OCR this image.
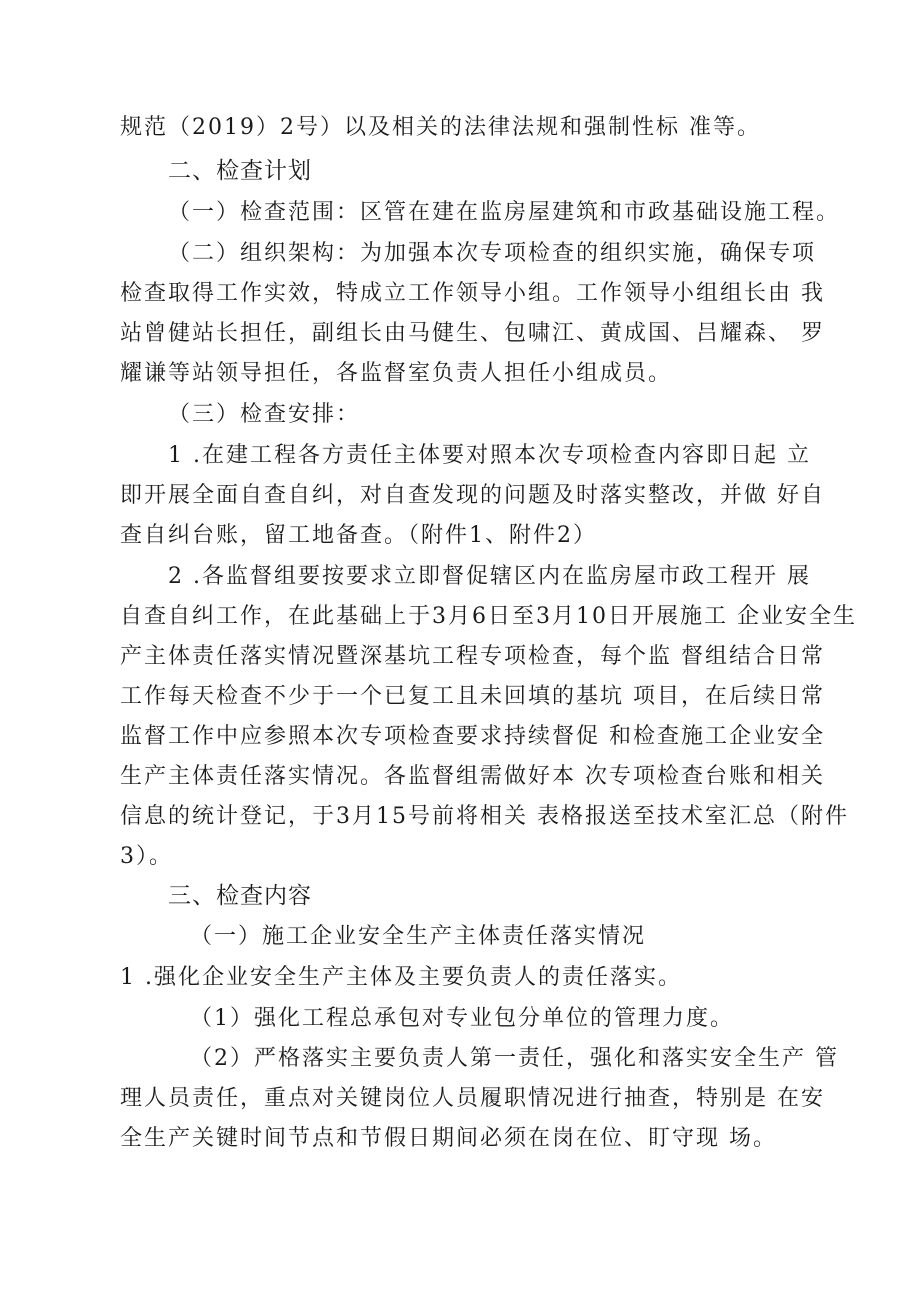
规范（2019）2号）以及相关的法律法规和强制性标 准等。
二、检查计划
（一）检查范围：区管在建在监房屋建筑和市政基础设施工程。
（二）组织架构：为加强本次专项检查的组织实施，确保专项
检查取得工作实效，特成立工作领导小组。工作领导小组组长由 我
站曾健站长担任，副组长由马健生、包啸江、黄成国、吕耀森、 罗
耀谦等站领导担任，各监督室负责人担任小组成员。
（三）检查安排：
1 .在建工程各方责任主体要对照本次专项检查内容即日起 立
即开展全面自查自纠，对自查发现的问题及时落实整改，并做 好自
查自纠台账，留工地备查。（附件1、附件2）
2 .各监督组要按要求立即督促辖区内在监房屋市政工程开 展
自查自纠工作，在此基础上于3月6日至3月10日开展施工 企业安全生
产主体责任落实情况暨深基坑工程专项检查，每个监 督组结合日常
工作每天检查不少于一个已复工且未回填的基坑 项目，在后续日常
监督工作中应参照本次专项检查要求持续督促 和检查施工企业安全
生产主体责任落实情况。各监督组需做好本 次专项检查台账和相关
信息的统计登记，于3月15号前将相关 表格报送至技术室汇总（附件
3）。
三、检查内容
（一）施工企业安全生产主体责任落实情况
1 .强化企业安全生产主体及主要负责人的责任落实。
（1）强化工程总承包对专业包分单位的管理力度。
（2）严格落实主要负责人第一责任，强化和落实安全生产 管
理人员责任，重点对关键岗位人员履职情况进行抽查，特别是 在安
全生产关键时间节点和节假日期间必须在岗在位、盯守现 场。
